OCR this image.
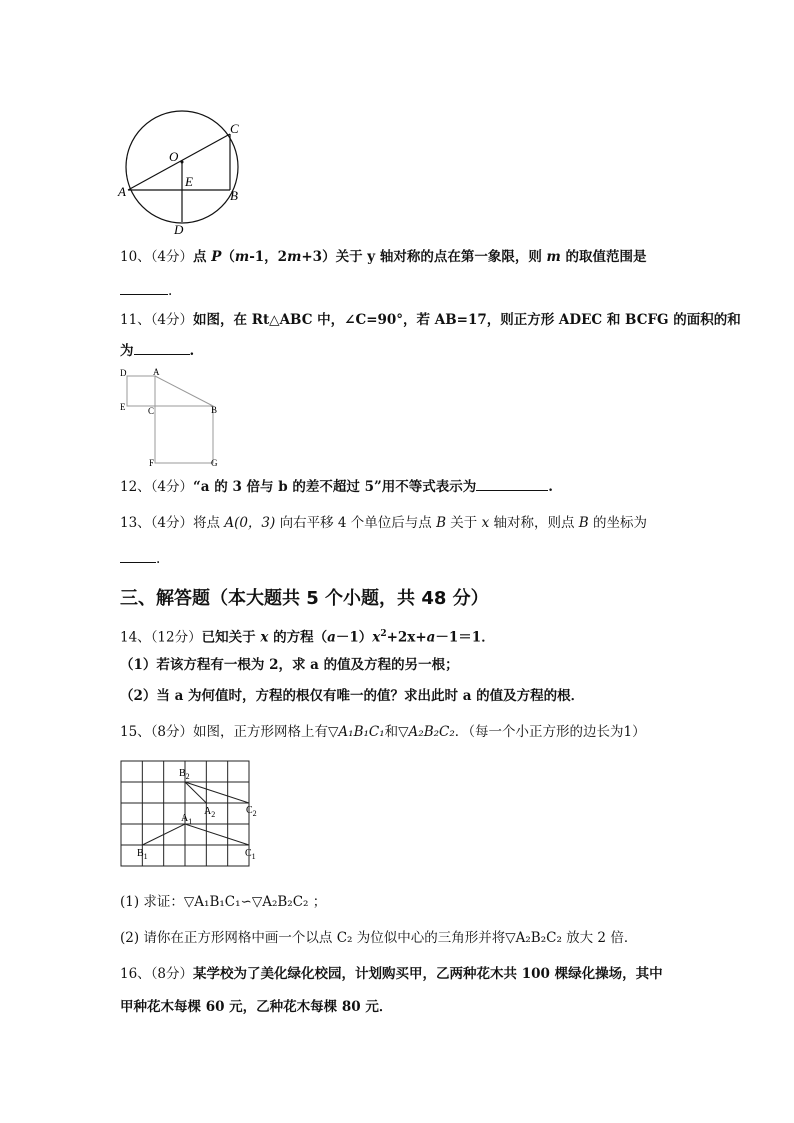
O
C
A
E
B
D
10、（4分）点 P（m-1，2m+3）关于 y 轴对称的点在第一象限，则 m 的取值范围是
.
11、（4分）如图，在 Rt△ABC 中，∠C=90°，若 AB=17，则正方形 ADEC 和 BCFG 的面积的和
为	.
D	A
E	C	B
F	G
12、（4分）“a 的 3 倍与 b 的差不超过 5”用不等式表示为	.
13、（4分）将点 A(0，3) 向右平移 4 个单位后与点 B 关于 x 轴对称，则点 B 的坐标为
.
三、解答题（本大题共 5 个小题，共 48 分）
14、（12分）已知关于 x 的方程$(a-1)x^2+2x+a-1=1$．
（1）若该方程有一根为 2，求 a 的值及方程的另一根；
（2）当 a 为何值时，方程的根仅有唯一的值？求出此时 a 的值及方程的根．
15、（8分）如图，正方形网格上有▽A₁B₁C₁和▽A₂B₂C₂．（每一个小正方形的边长为1）
$B_2$
$A_2$	$C_2$
$A_1$
$B_1$	$C_1$
(1) 求证：▽A₁B₁C₁∽▽A₂B₂C₂ ；
(2) 请你在正方形网格中画一个以点 C₂ 为位似中心的三角形并将▽A₂B₂C₂ 放大 2 倍．
16、（8分）某学校为了美化绿化校园，计划购买甲，乙两种花木共 100 棵绿化操场，其中
甲种花木每棵 60 元，乙种花木每棵 80 元．
